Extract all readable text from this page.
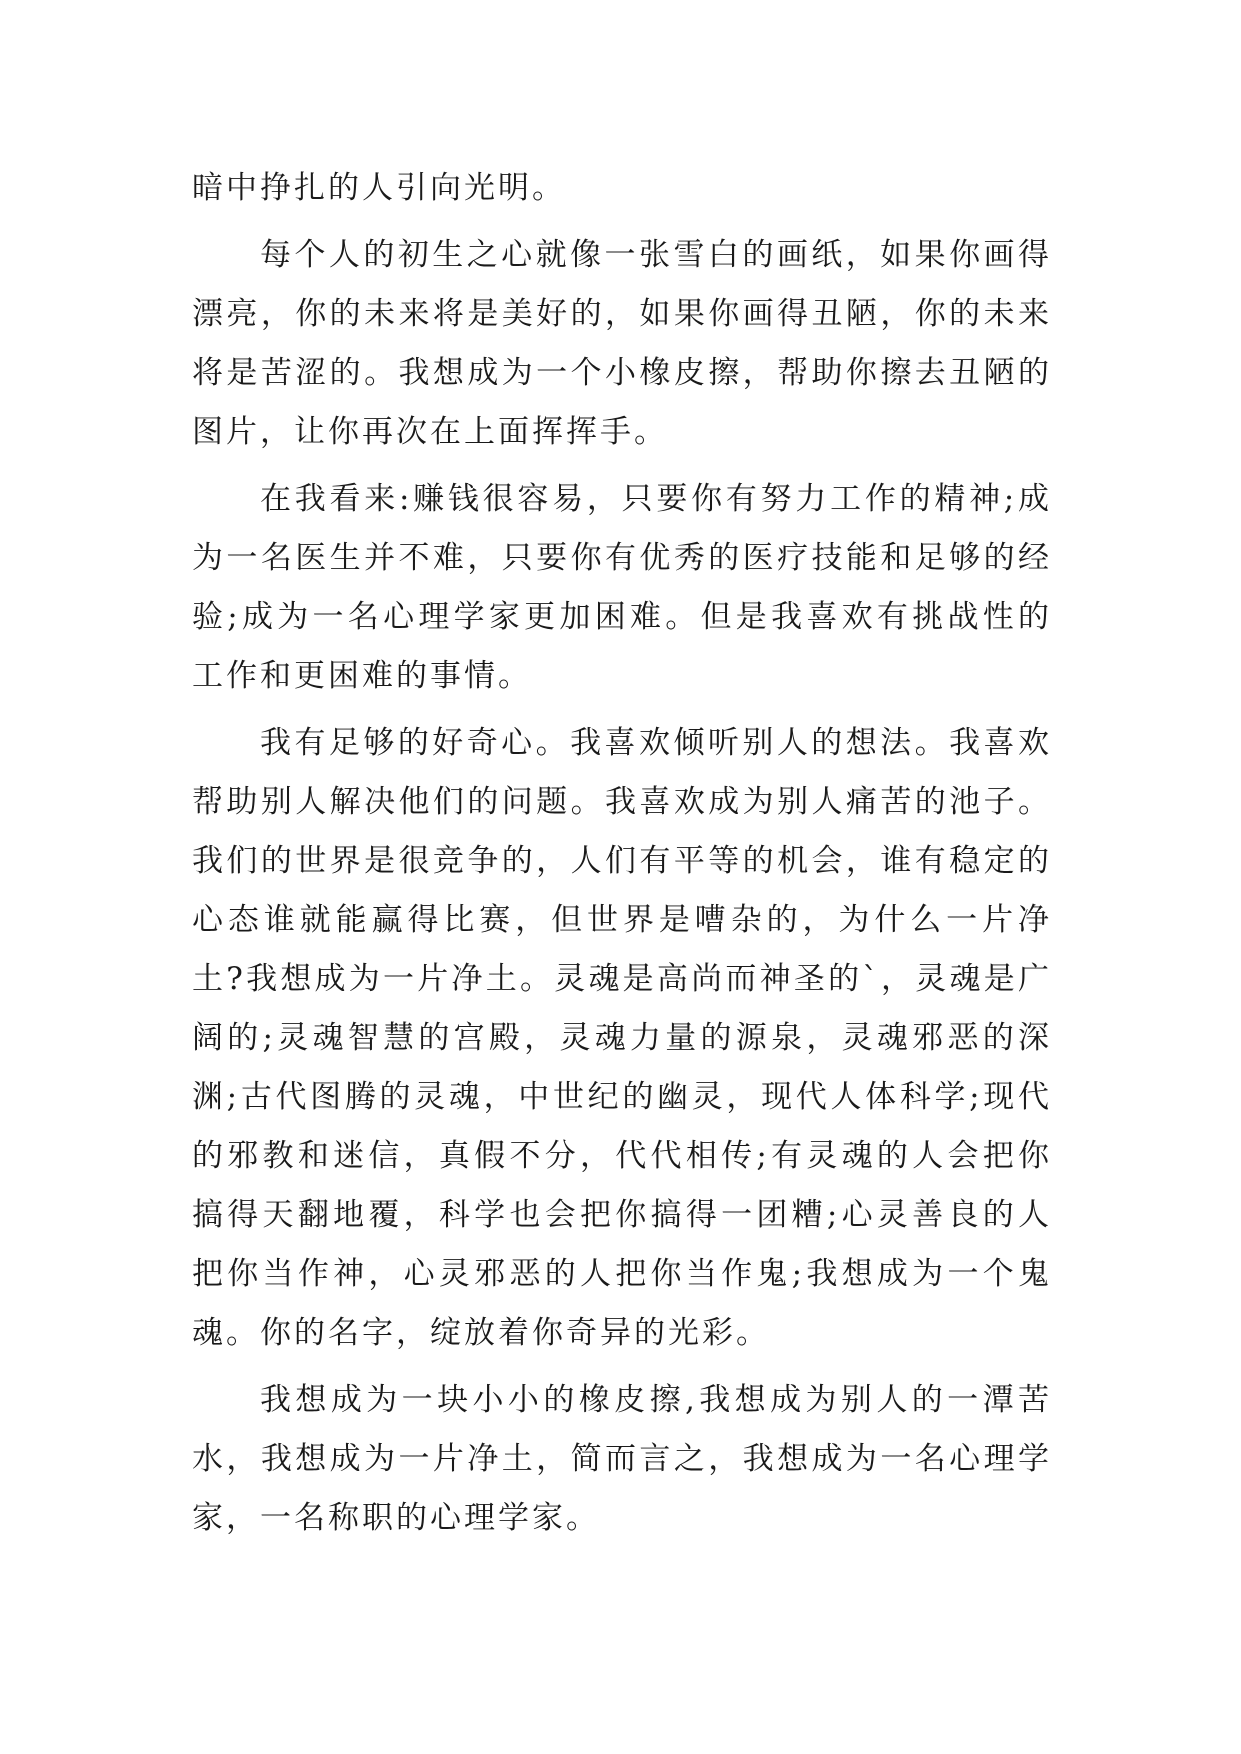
暗中挣扎的人引向光明。

每个人的初生之心就像一张雪白的画纸，如果你画得漂亮，你的未来将是美好的，如果你画得丑陋，你的未来将是苦涩的。我想成为一个小橡皮擦，帮助你擦去丑陋的图片，让你再次在上面挥挥手。

在我看来:赚钱很容易，只要你有努力工作的精神;成为一名医生并不难，只要你有优秀的医疗技能和足够的经验;成为一名心理学家更加困难。但是我喜欢有挑战性的工作和更困难的事情。

我有足够的好奇心。我喜欢倾听别人的想法。我喜欢帮助别人解决他们的问题。我喜欢成为别人痛苦的池子。我们的世界是很竞争的，人们有平等的机会，谁有稳定的心态谁就能赢得比赛，但世界是嘈杂的，为什么一片净土?我想成为一片净土。灵魂是高尚而神圣的`，灵魂是广阔的;灵魂智慧的宫殿，灵魂力量的源泉，灵魂邪恶的深渊;古代图腾的灵魂，中世纪的幽灵，现代人体科学;现代的邪教和迷信，真假不分，代代相传;有灵魂的人会把你搞得天翻地覆，科学也会把你搞得一团糟;心灵善良的人把你当作神，心灵邪恶的人把你当作鬼;我想成为一个鬼魂。你的名字，绽放着你奇异的光彩。

我想成为一块小小的橡皮擦,我想成为别人的一潭苦水，我想成为一片净土，简而言之，我想成为一名心理学家，一名称职的心理学家。
